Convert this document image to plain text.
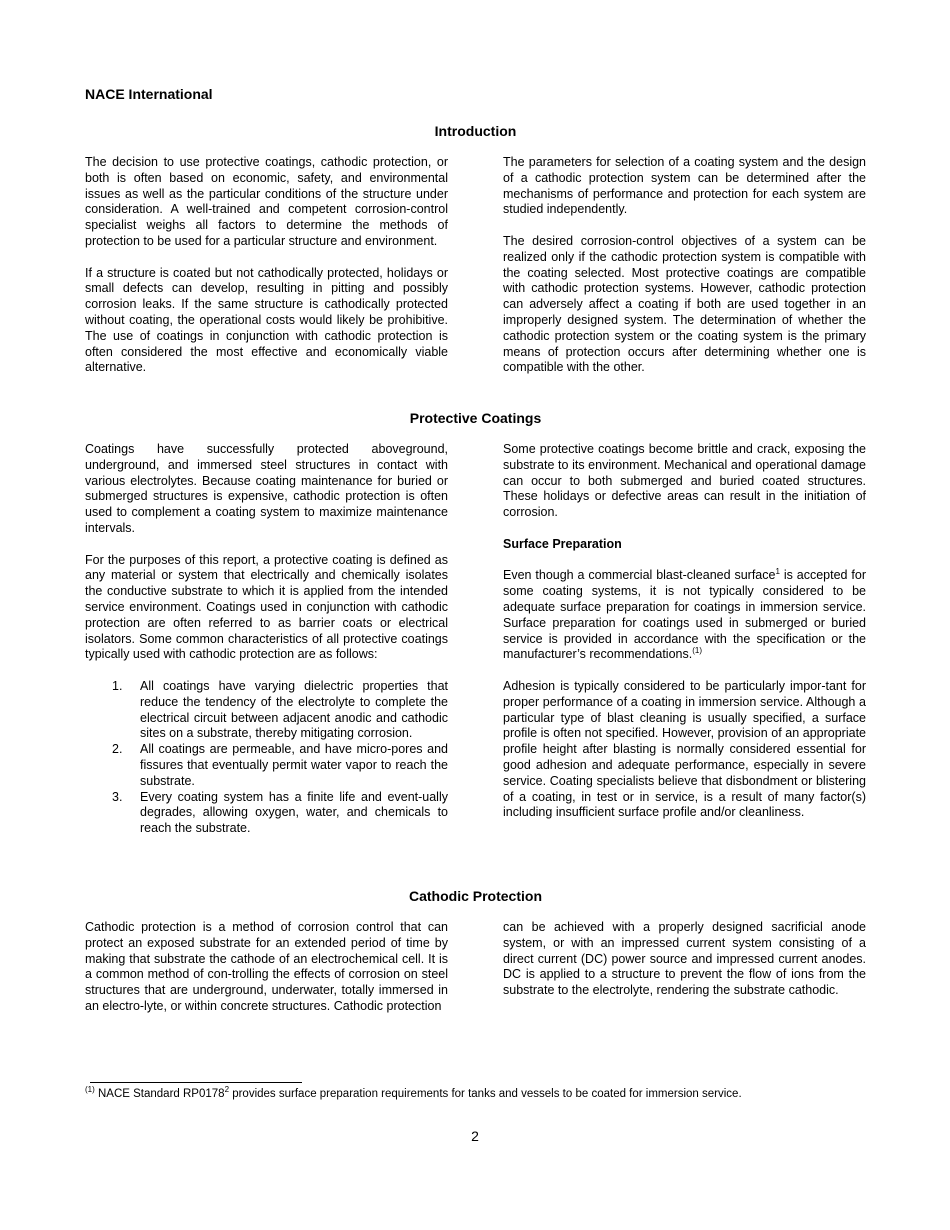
NACE International
Introduction

The decision to use protective coatings, cathodic protection, or both is often based on economic, safety, and environmental issues as well as the particular conditions of the structure under consideration. A well-trained and competent corrosion-control specialist weighs all factors to determine the methods of protection to be used for a particular structure and environment.

If a structure is coated but not cathodically protected, holidays or small defects can develop, resulting in pitting and possibly corrosion leaks. If the same structure is cathodically protected without coating, the operational costs would likely be prohibitive. The use of coatings in conjunction with cathodic protection is often considered the most effective and economically viable alternative.

The parameters for selection of a coating system and the design of a cathodic protection system can be determined after the mechanisms of performance and protection for each system are studied independently.

The desired corrosion-control objectives of a system can be realized only if the cathodic protection system is compatible with the coating selected. Most protective coatings are compatible with cathodic protection systems. However, cathodic protection can adversely affect a coating if both are used together in an improperly designed system. The determination of whether the cathodic protection system or the coating system is the primary means of protection occurs after determining whether one is compatible with the other.

Protective Coatings

Coatings have successfully protected aboveground, underground, and immersed steel structures in contact with various electrolytes. Because coating maintenance for buried or submerged structures is expensive, cathodic protection is often used to complement a coating system to maximize maintenance intervals.

For the purposes of this report, a protective coating is defined as any material or system that electrically and chemically isolates the conductive substrate to which it is applied from the intended service environment. Coatings used in conjunction with cathodic protection are often referred to as barrier coats or electrical isolators. Some common characteristics of all protective coatings typically used with cathodic protection are as follows:

1. All coatings have varying dielectric properties that reduce the tendency of the electrolyte to complete the electrical circuit between adjacent anodic and cathodic sites on a substrate, thereby mitigating corrosion.
2. All coatings are permeable, and have micro-pores and fissures that eventually permit water vapor to reach the substrate.
3. Every coating system has a finite life and event-ually degrades, allowing oxygen, water, and chemicals to reach the substrate.

Some protective coatings become brittle and crack, exposing the substrate to its environment. Mechanical and operational damage can occur to both submerged and buried coated structures. These holidays or defective areas can result in the initiation of corrosion.

Surface Preparation

Even though a commercial blast-cleaned surface$^1$ is accepted for some coating systems, it is not typically considered to be adequate surface preparation for coatings in immersion service. Surface preparation for coatings used in submerged or buried service is provided in accordance with the specification or the manufacturer’s recommendations.$^{(1)}$

Adhesion is typically considered to be particularly impor-tant for proper performance of a coating in immersion service. Although a particular type of blast cleaning is usually specified, a surface profile is often not specified. However, provision of an appropriate profile height after blasting is normally considered essential for good adhesion and adequate performance, especially in severe service. Coating specialists believe that disbondment or blistering of a coating, in test or in service, is a result of many factor(s) including insufficient surface profile and/or cleanliness.

Cathodic Protection

Cathodic protection is a method of corrosion control that can protect an exposed substrate for an extended period of time by making that substrate the cathode of an electrochemical cell. It is a common method of con-trolling the effects of corrosion on steel structures that are underground, underwater, totally immersed in an electro-lyte, or within concrete structures. Cathodic protection

can be achieved with a properly designed sacrificial anode system, or with an impressed current system consisting of a direct current (DC) power source and impressed current anodes. DC is applied to a structure to prevent the flow of ions from the substrate to the electrolyte, rendering the substrate cathodic.

$^{(1)}$ NACE Standard RP0178$^2$ provides surface preparation requirements for tanks and vessels to be coated for immersion service.
2
